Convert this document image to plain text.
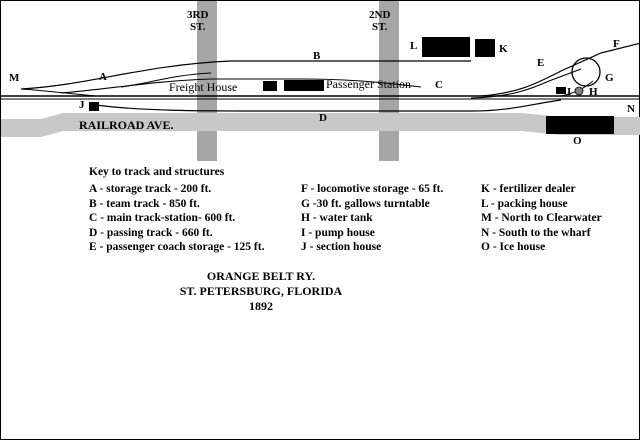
3RD
ST.
2ND
ST.
RAILROAD AVE.
Freight House	Passenger Station
M	A
B
J
D
L	K
C
E
F
G
H
I
N
O
Key to track and structures
A - storage track - 200 ft.
B - team track - 850 ft.
C - main track-station- 600 ft.
D - passing track - 660 ft.
E - passenger coach storage - 125 ft.
F - locomotive storage - 65 ft.
G -30 ft. gallows turntable
H - water tank
I - pump house
J - section house
K - fertilizer dealer
L - packing house
M - North to Clearwater
N - South to the wharf
O - Ice house
ORANGE BELT RY.
ST. PETERSBURG, FLORIDA
1892
